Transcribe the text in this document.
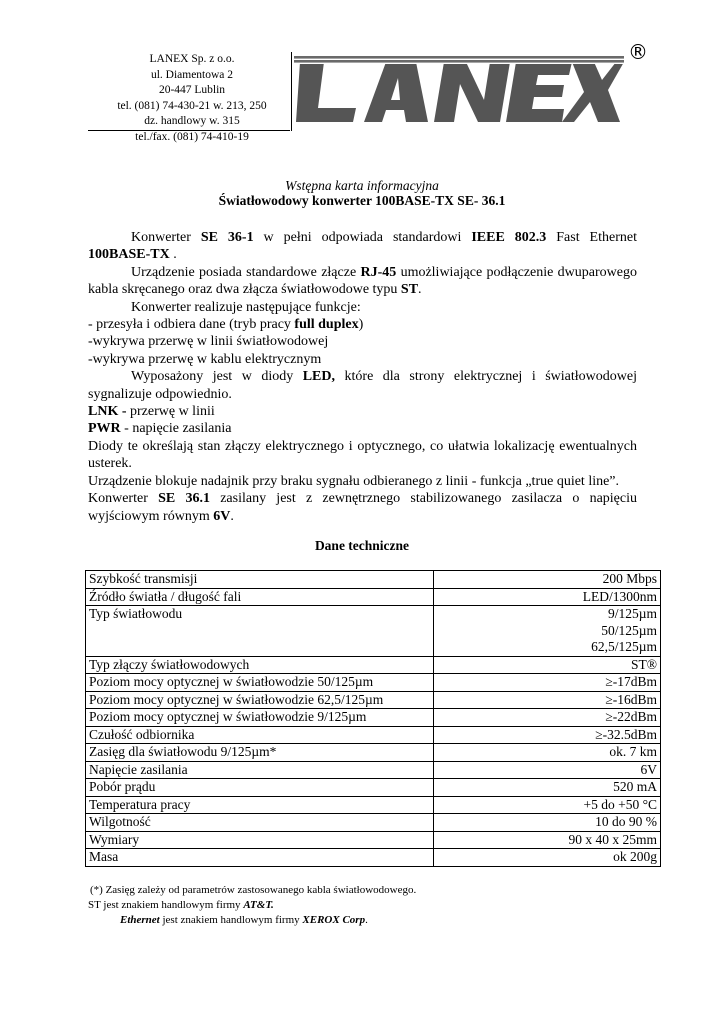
LANEX Sp. z o.o.
ul. Diamentowa 2
20-447 Lublin
tel. (081) 74-430-21 w. 213, 250
dz. handlowy w. 315
tel./fax. (081) 74-410-19
LANEX
®
Wstępna karta informacyjna
Światłowodowy konwerter 100BASE-TX SE- 36.1

Konwerter SE 36-1 w pełni odpowiada standardowi IEEE 802.3 Fast Ethernet 100BASE-TX .

Urządzenie posiada standardowe złącze RJ-45 umożliwiające podłączenie dwuparowego kabla skręcanego oraz dwa złącza światłowodowe typu ST.

Konwerter realizuje następujące funkcje:

- przesyła i odbiera dane (tryb pracy full duplex)

-wykrywa przerwę w linii światłowodowej

-wykrywa przerwę w kablu elektrycznym

Wyposażony jest w diody LED, które dla strony elektrycznej i światłowodowej sygnalizuje odpowiednio.

LNK - przerwę w linii

PWR - napięcie zasilania

Diody te określają stan złączy elektrycznego i optycznego, co ułatwia lokalizację ewentualnych usterek.

Urządzenie blokuje nadajnik przy braku sygnału odbieranego z linii - funkcja „true quiet line”.

Konwerter SE 36.1 zasilany jest z zewnętrznego stabilizowanego zasilacza o napięciu wyjściowym równym 6V.

Dane techniczne
Szybkość transmisji	200 Mbps
Źródło światła / długość fali	LED/1300nm
Typ światłowodu	9/125µm
50/125µm
62,5/125µm
Typ złączy światłowodowych	ST®
Poziom mocy optycznej w światłowodzie 50/125µm	≥-17dBm
Poziom mocy optycznej w światłowodzie 62,5/125µm	≥-16dBm
Poziom mocy optycznej w światłowodzie 9/125µm	≥-22dBm
Czułość odbiornika	≥-32.5dBm
Zasięg dla światłowodu 9/125µm*	ok. 7 km
Napięcie zasilania	6V
Pobór prądu	520 mA
Temperatura pracy	+5 do +50 °C
Wilgotność	10 do 90 %
Wymiary	90 x 40 x 25mm
Masa	ok 200g
(*) Zasięg zależy od parametrów zastosowanego kabla światłowodowego.
ST jest znakiem handlowym firmy AT&T.
Ethernet jest znakiem handlowym firmy XEROX Corp.
